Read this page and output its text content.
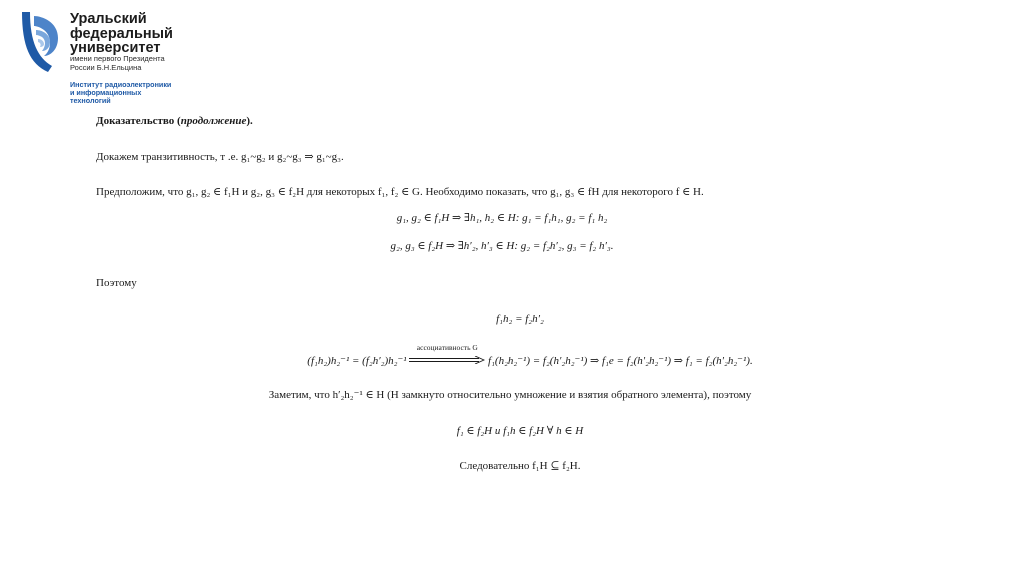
Уральский
федеральный
университет
имени первого Президента
России Б.Н.Ельцина
Институт радиоэлектроники
и информационных
технологий
Доказательство (продолжение).
Докажем транзитивность, т .е. g₁~g₂ и g₂~g₃ ⇒ g₁~g₃.
Предположим, что g₁, g₂ ∈ f₁H и g₂, g₃ ∈ f₂H для некоторых f₁, f₂ ∈ G. Необходимо показать, что g₁, g₃ ∈ fH для некоторого f ∈ H.
g₁, g₂ ∈ f₁H ⇒ ∃h₁, h₂ ∈ H: g₁ = f₁h₁, g₂ = f₁ h₂
g₂, g₃ ∈ f₂H ⇒ ∃h′₂, h′₃ ∈ H: g₂ = f₂h′₂, g₃ = f₂ h′₃.
Поэтому
f₁h₂ = f₂h′₂
(f₁h₂)h₂⁻¹ = (f₂h′₂)h₂⁻¹
ассоциативность G
f₁(h₂h₂⁻¹) = f₂(h′₂h₂⁻¹) ⇒ f₁e = f₂(h′₂h₂⁻¹) ⇒ f₁ = f₂(h′₂h₂⁻¹).
Заметим, что h′₂h₂⁻¹ ∈ H (H замкнуто относительно умножение и взятия обратного элемента), поэтому
f₁ ∈ f₂H и f₁h ∈ f₂H ∀ h ∈ H
Следовательно f₁H ⊆ f₂H.
